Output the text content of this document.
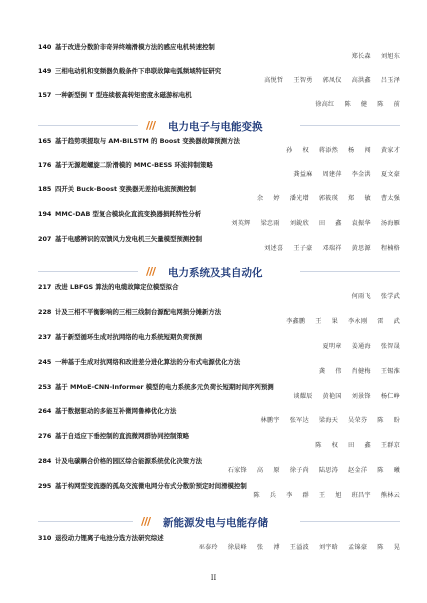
140 基于改进分数阶非奇异终端滑模方法的感应电机转速控制
郑长森 刘旭东
149 三相电动机和变频器负载条件下串联故障电弧频域特征研究
高悦哲 王智勇 郭凤仪 高洪鑫 吕玉泽
157 一种新型倒 T 型连续极高转矩密度永磁游标电机
徐高红 陈 健 陈 前
/// 电力电子与电能变换
165 基于趋势项提取与 AM-BiLSTM 的 Boost 变换器故障预测方法
孙 权 蒋添然 杨 闯 黄家才
176 基于无源超螺旋二阶滑模的 MMC-BESS 环流抑制策略
龚益麻 周建萍 李金洪 夏文豪
185 四开关 Buck-Boost 变换器无差拍电流预测控制
余 婷 潘光增 郭筱瑛 郑 敏 曹太强
194 MMC-DAB 型复合模块化直流变换器损耗特性分析
刘英辉 梁忠雨 刘銳欣 田 鑫 袁振华 汤海雁
207 基于电感辨识的双馈风力发电机三矢量模型预测控制
刘述喜 王子豪 邓瑞祥 黄思源 程楠格
/// 电力系统及其自动化
217 改进 LBFGS 算法的电缆故障定位模型拟合
何雨飞 张学武
228 计及三相不平衡影响的三相三线制台源配电网损分摊新方法
李鑫鹏 王 果 李永刚 雷 武
237 基于新型循环生成对抗网络的电力系统短期负荷预测
夏明章 姜通海 张智晟
245 一种基于生成对抗网络和改进差分进化算法的分布式电源优化方法
龚 伟 肖健梅 王锡淮
253 基于 MMoE-CNN-Informer 模型的电力系统多元负荷长短期时间序列预测
谈耀辰 黄艳国 刘景锋 杨仁峥
264 基于数据驱动的多能互补微网鲁棒优化方法
林鹏宇 张军达 梁海天 吴荣芬 陈 盼
276 基于自适应下垂控制的直流微网群协同控制策略
陈 权 田 鑫 王群京
284 计及电碳耦合价格的园区综合能源系统优化决策方法
石家锋 高 原 徐子尚 陆思涛 赵金洋 陈 曦
295 基于构网型变流器的孤岛交流微电网分布式分数阶预定时间滑模控制
陈 兵 李 群 王 旭 班昌宇 熊林云
/// 新能源发电与电能存储
310 退役动力锂离子电池分选方法研究综述
巫泰玲 徐晨峰 张 溥 王溢波 刘宇晗 孟锦豪 陈 晃
II
